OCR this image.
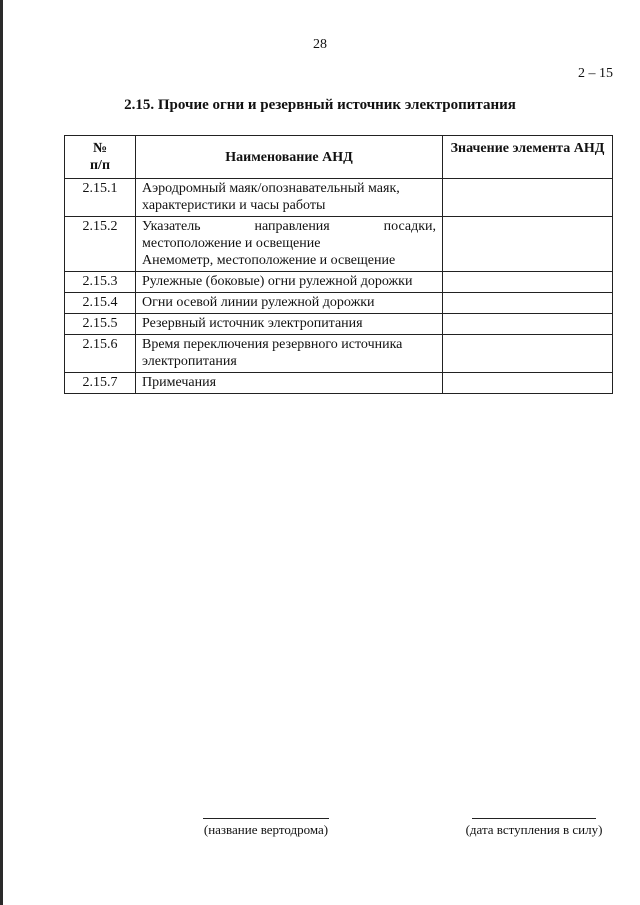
28
2 – 15
2.15. Прочие огни и резервный источник электропитания
№
п/п	Наименование АНД	Значение элемента АНД
2.15.1	Аэродромный маяк/опознавательный маяк,
характеристики и часы работы	

2.15.2	Указатель направления посадки,
местоположение и освещение
Анемометр, местоположение и освещение	

2.15.3	Рулежные (боковые) огни рулежной дорожки	

2.15.4	Огни осевой линии рулежной дорожки	

2.15.5	Резервный источник электропитания	

2.15.6	Время переключения резервного источника
электропитания	

2.15.7	Примечания	

(название вертодрома)	(дата вступления в силу)
